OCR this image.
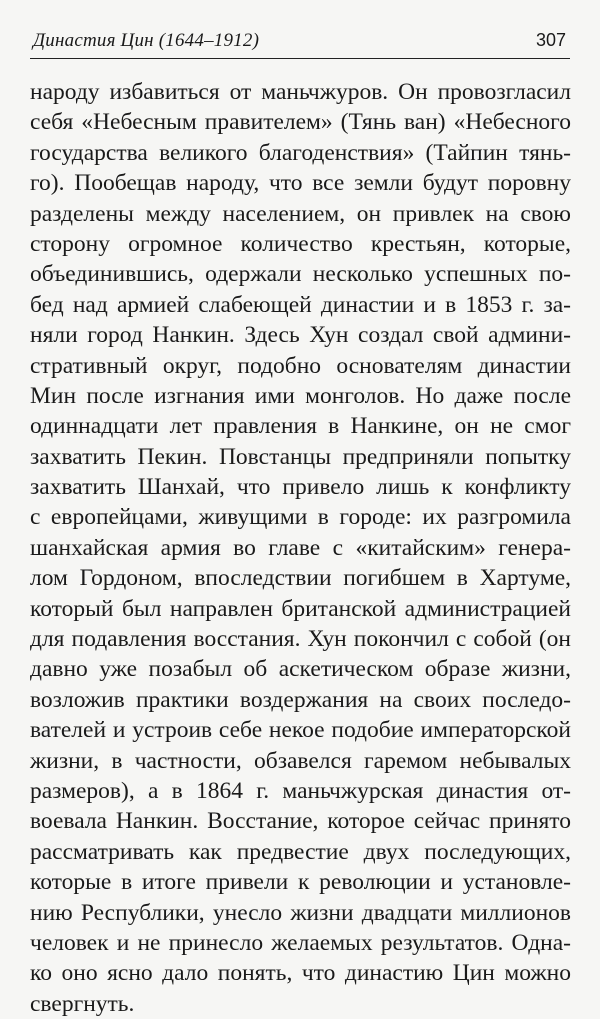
Династия Цин (1644–1912)	307
народу избавиться от маньчжуров. Он провозгласил
себя «Небесным правителем» (Тянь ван) «Небесного
государства великого благоденствия» (Тайпин тянь-
го). Пообещав народу, что все земли будут поровну
разделены между населением, он привлек на свою
сторону огромное количество крестьян, которые,
объединившись, одержали несколько успешных по-
бед над армией слабеющей династии и в 1853 г. за-
няли город Нанкин. Здесь Хун создал свой админи-
стративный округ, подобно основателям династии
Мин после изгнания ими монголов. Но даже после
одиннадцати лет правления в Нанкине, он не смог
захватить Пекин. Повстанцы предприняли попытку
захватить Шанхай, что привело лишь к конфликту
с европейцами, живущими в городе: их разгромила
шанхайская армия во главе с «китайским» генера-
лом Гордоном, впоследствии погибшем в Хартуме,
который был направлен британской администрацией
для подавления восстания. Хун покончил с собой (он
давно уже позабыл об аскетическом образе жизни,
возложив практики воздержания на своих последо-
вателей и устроив себе некое подобие императорской
жизни, в частности, обзавелся гаремом небывалых
размеров), а в 1864 г. маньчжурская династия от-
воевала Нанкин. Восстание, которое сейчас принято
рассматривать как предвестие двух последующих,
которые в итоге привели к революции и установле-
нию Республики, унесло жизни двадцати миллионов
человек и не принесло желаемых результатов. Одна-
ко оно ясно дало понять, что династию Цин можно
свергнуть.
